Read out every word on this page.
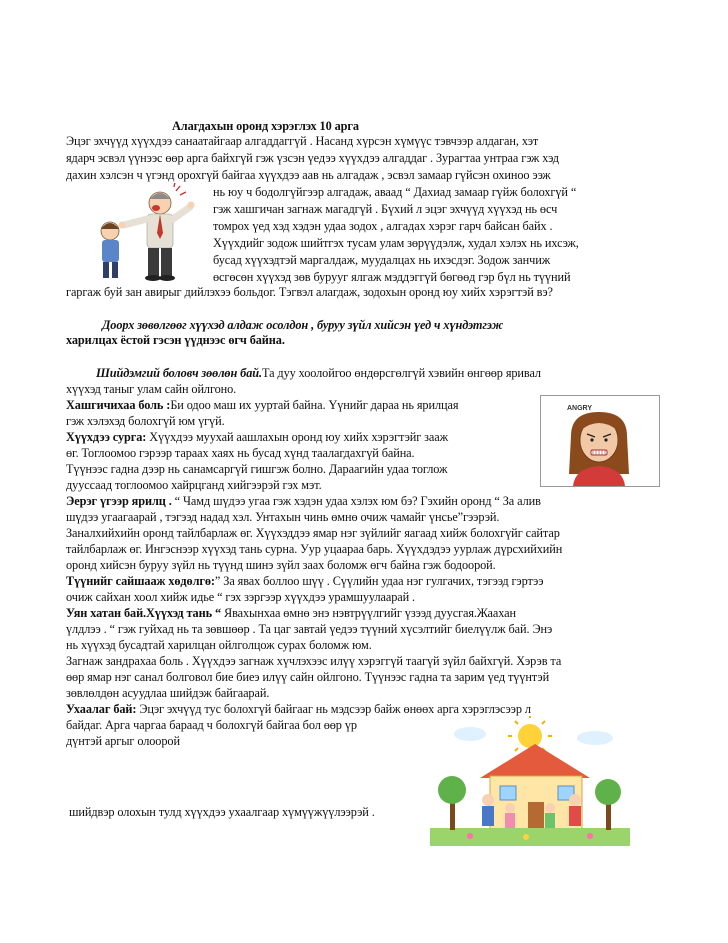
Алагдахын оронд хэрэглэх 10 арга
Эцэг эхчүүд хүүхдээ санаатайгаар алгаддаггүй . Насанд хүрсэн хүмүүс тэвчээр алдаган, хэт
ядарч эсвэл үүнээс өөр арга байхгүй гэж үзсэн үедээ хүүхдээ алгаддаг . Зурагтаа унтраа гэж хэд
дахин хэлсэн ч үгэнд орохгүй байгаа хүүхдээ аав нь алгадаж , эсвэл замаар гүйсэн охиноо ээж
нь юу ч бодолгүйгээр алгадаж, аваад “ Дахиад замаар гүйж болохгүй “
гэж хашгичан загнаж магадгүй . Бүхий л эцэг эхчүүд хүүхэд нь өсч
томрох үед хэд хэдэн удаа зодох , алгадах хэрэг гарч байсан байх .
Хүүхдийг зодож шийтгэх тусам улам зөрүүдэлж, худал хэлэх нь ихсэж,
бусад хүүхэдтэй маргалдаж, муудалцах нь ихэсдэг. Зодож занчиж
өсгөсөн хүүхэд зөв бурууг ялгаж мэддэггүй бөгөөд гэр бүл нь түүний
гаргаж буй зан авирыг дийлэхээ больдог. Тэгвэл алагдаж, зодохын оронд юу хийх хэрэгтэй вэ?
Доорх зөвөлгөөг хүүхэд алдаж осолдон , буруу зүйл хийсэн үед ч хүндэтгэж
харилцах ёстой гэсэн үүднээс өгч байна.
Шийдэмгий боловч зөөлөн бай.Та дуу хоолойгоо өндөрсгөлгүй хэвийн өнгөөр яривал
хүүхэд таныг улам сайн ойлгоно.
Хашгичихаа боль :Би одоо маш их ууртай байна. Үүнийг дараа нь ярилцая
гэж хэлэхэд болохгүй юм үгүй.
Хүүхдээ сурга: Хүүхдээ муухай аашлахын оронд юу хийх хэрэгтэйг зааж
өг. Тоглоомоо гэрээр тараах хаях нь бусад хүнд таалагдахгүй байна.
Түүнээс гадна дээр нь санамсаргүй гишгэж болно. Дараагийн удаа тоглож
дууссаад тоглоомоо хайрцганд хийгээрэй гэх мэт.
ANGRY
Эерэг үгээр ярилц . “ Чамд шүдээ угаа гэж хэдэн удаа хэлэх юм бэ? Гэхийн оронд “ За алив
шүдээ угаагаарай , тэгээд надад хэл. Унтахын чинь өмнө очиж чамайг үнсье”гээрэй.
Заналхийхийн оронд тайлбарлаж өг. Хүүхэддээ ямар нэг зүйлийг яагаад хийж болохгүйг сайтар
тайлбарлаж өг. Ингэснээр хүүхэд тань сурна. Уур уцаараа барь. Хүүхдэдээ уурлаж дүрсхийхийн
оронд хийсэн буруу зүйл нь түүнд шинэ зүйл заах боломж өгч байна гэж бодоорой.
Түүнийг сайшааж хөдөлгө:” За явах боллоо шүү . Сүүлийн удаа нэг гулгачих, тэгээд гэртээ
очиж сайхан хоол хийж идье “ гэх зэргээр хүүхдээ урамшуулаарай .
Уян хатан бай.Хүүхэд тань “ Явахынхаа өмнө энэ нэвтрүүлгийг үзээд дуусгая.Жаахан
үлдлээ . “ гэж гуйхад нь та зөвшөөр . Та цаг завтай үедээ түүний хүсэлтийг биелүүлж бай. Энэ
нь хүүхэд бусадтай харилцан ойлголцож сурах боломж юм.
Загнаж зандрахаа боль . Хүүхдээ загнаж хүчлэхээс илүү хэрэггүй таагүй зүйл байхгүй. Хэрэв та
өөр ямар нэг санал болговол бие биеэ илүү сайн ойлгоно. Түүнээс гадна та зарим үед түүнтэй
зөвлөлдөн асуудлаа шийдэж байгаарай.
Ухаалаг бай: Эцэг эхчүүд тус болохгүй байгааг нь мэдсээр байж өнөөх арга хэрэглэсээр л
байдаг. Арга чаргаа бараад ч болохгүй байгаа бол өөр үр
дүнтэй аргыг олоорой
шийдвэр олохын тулд хүүхдээ ухаалгаар хүмүүжүүлээрэй .
